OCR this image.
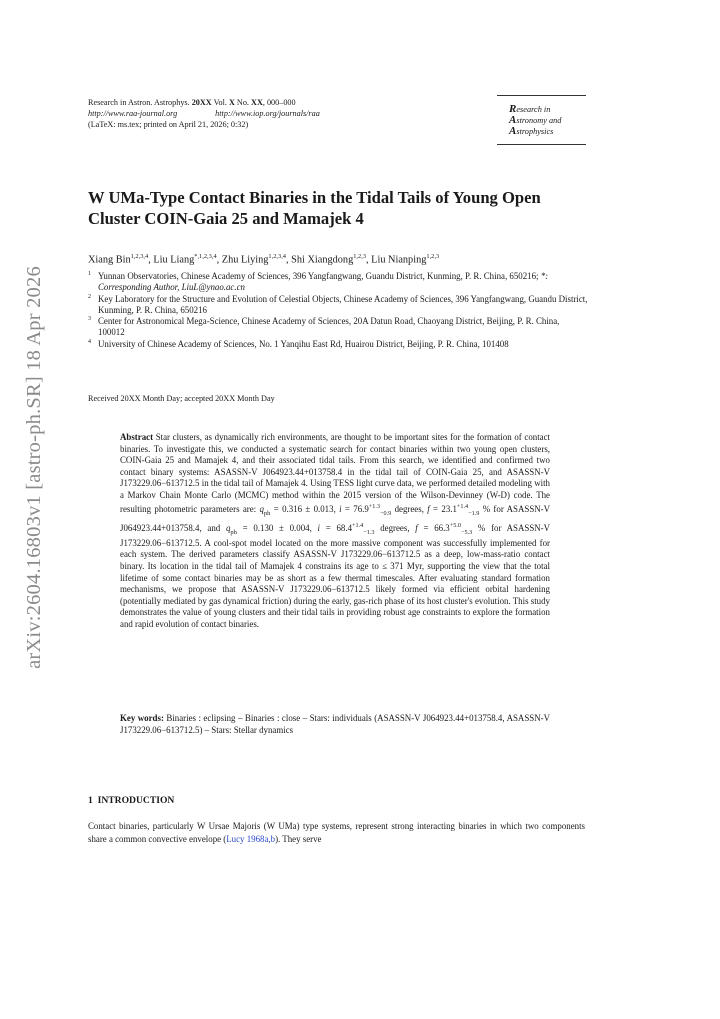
arXiv:2604.16803v1 [astro-ph.SR] 18 Apr 2026
Research in Astron. Astrophys. 20XX Vol. X No. XX, 000–000
http://www.raa-journal.org	http://www.iop.org/journals/raa
(LaTeX: ms.tex; printed on April 21, 2026; 0:32)
Research in
Astronomy and
Astrophysics
W UMa-Type Contact Binaries in the Tidal Tails of Young Open Cluster COIN-Gaia 25 and Mamajek 4
Xiang Bin$^{1,2,3,4}$, Liu Liang$^{*,1,2,3,4}$, Zhu Liying$^{1,2,3,4}$, Shi Xiangdong$^{1,2,3}$, Liu Nianping$^{1,2,3}$
1 Yunnan Observatories, Chinese Academy of Sciences, 396 Yangfangwang, Guandu District, Kunming, P. R. China, 650216; *: Corresponding Author, LiuL@ynao.ac.cn
2 Key Laboratory for the Structure and Evolution of Celestial Objects, Chinese Academy of Sciences, 396 Yangfangwang, Guandu District, Kunming, P. R. China, 650216
3 Center for Astronomical Mega-Science, Chinese Academy of Sciences, 20A Datun Road, Chaoyang District, Beijing, P. R. China, 100012
4 University of Chinese Academy of Sciences, No. 1 Yanqihu East Rd, Huairou District, Beijing, P. R. China, 101408
Received 20XX Month Day; accepted 20XX Month Day

Abstract Star clusters, as dynamically rich environments, are thought to be important sites for the formation of contact binaries. To investigate this, we conducted a systematic search for contact binaries within two young open clusters, COIN-Gaia 25 and Mamajek 4, and their associated tidal tails. From this search, we identified and confirmed two contact binary systems: ASASSN-V J064923.44+013758.4 in the tidal tail of COIN-Gaia 25, and ASASSN-V J173229.06−613712.5 in the tidal tail of Mamajek 4. Using TESS light curve data, we performed detailed modeling with a Markov Chain Monte Carlo (MCMC) method within the 2015 version of the Wilson-Devinney (W-D) code. The resulting photometric parameters are: $q_{ph} = 0.316 \pm 0.013$, $i = 76.9^{+1.3}_{-0.9}$ degrees, $f = 23.1^{+1.4}_{-1.9}$ % for ASASSN-V J064923.44+013758.4, and $q_{ph} = 0.130 \pm 0.004$, $i = 68.4^{+1.4}_{-1.3}$ degrees, $f = 66.3^{+5.0}_{-5.3}$ % for ASASSN-V J173229.06−613712.5. A cool-spot model located on the more massive component was successfully implemented for each system. The derived parameters classify ASASSN-V J173229.06−613712.5 as a deep, low-mass-ratio contact binary. Its location in the tidal tail of Mamajek 4 constrains its age to ≤ 371 Myr, supporting the view that the total lifetime of some contact binaries may be as short as a few thermal timescales. After evaluating standard formation mechanisms, we propose that ASASSN-V J173229.06−613712.5 likely formed via efficient orbital hardening (potentially mediated by gas dynamical friction) during the early, gas-rich phase of its host cluster's evolution. This study demonstrates the value of young clusters and their tidal tails in providing robust age constraints to explore the formation and rapid evolution of contact binaries.

Key words: Binaries : eclipsing – Binaries : close – Stars: individuals (ASASSN-V J064923.44+013758.4, ASASSN-V J173229.06−613712.5) – Stars: Stellar dynamics

1 INTRODUCTION

Contact binaries, particularly W Ursae Majoris (W UMa) type systems, represent strong interacting binaries in which two components share a common convective envelope (Lucy 1968a,b). They serve
